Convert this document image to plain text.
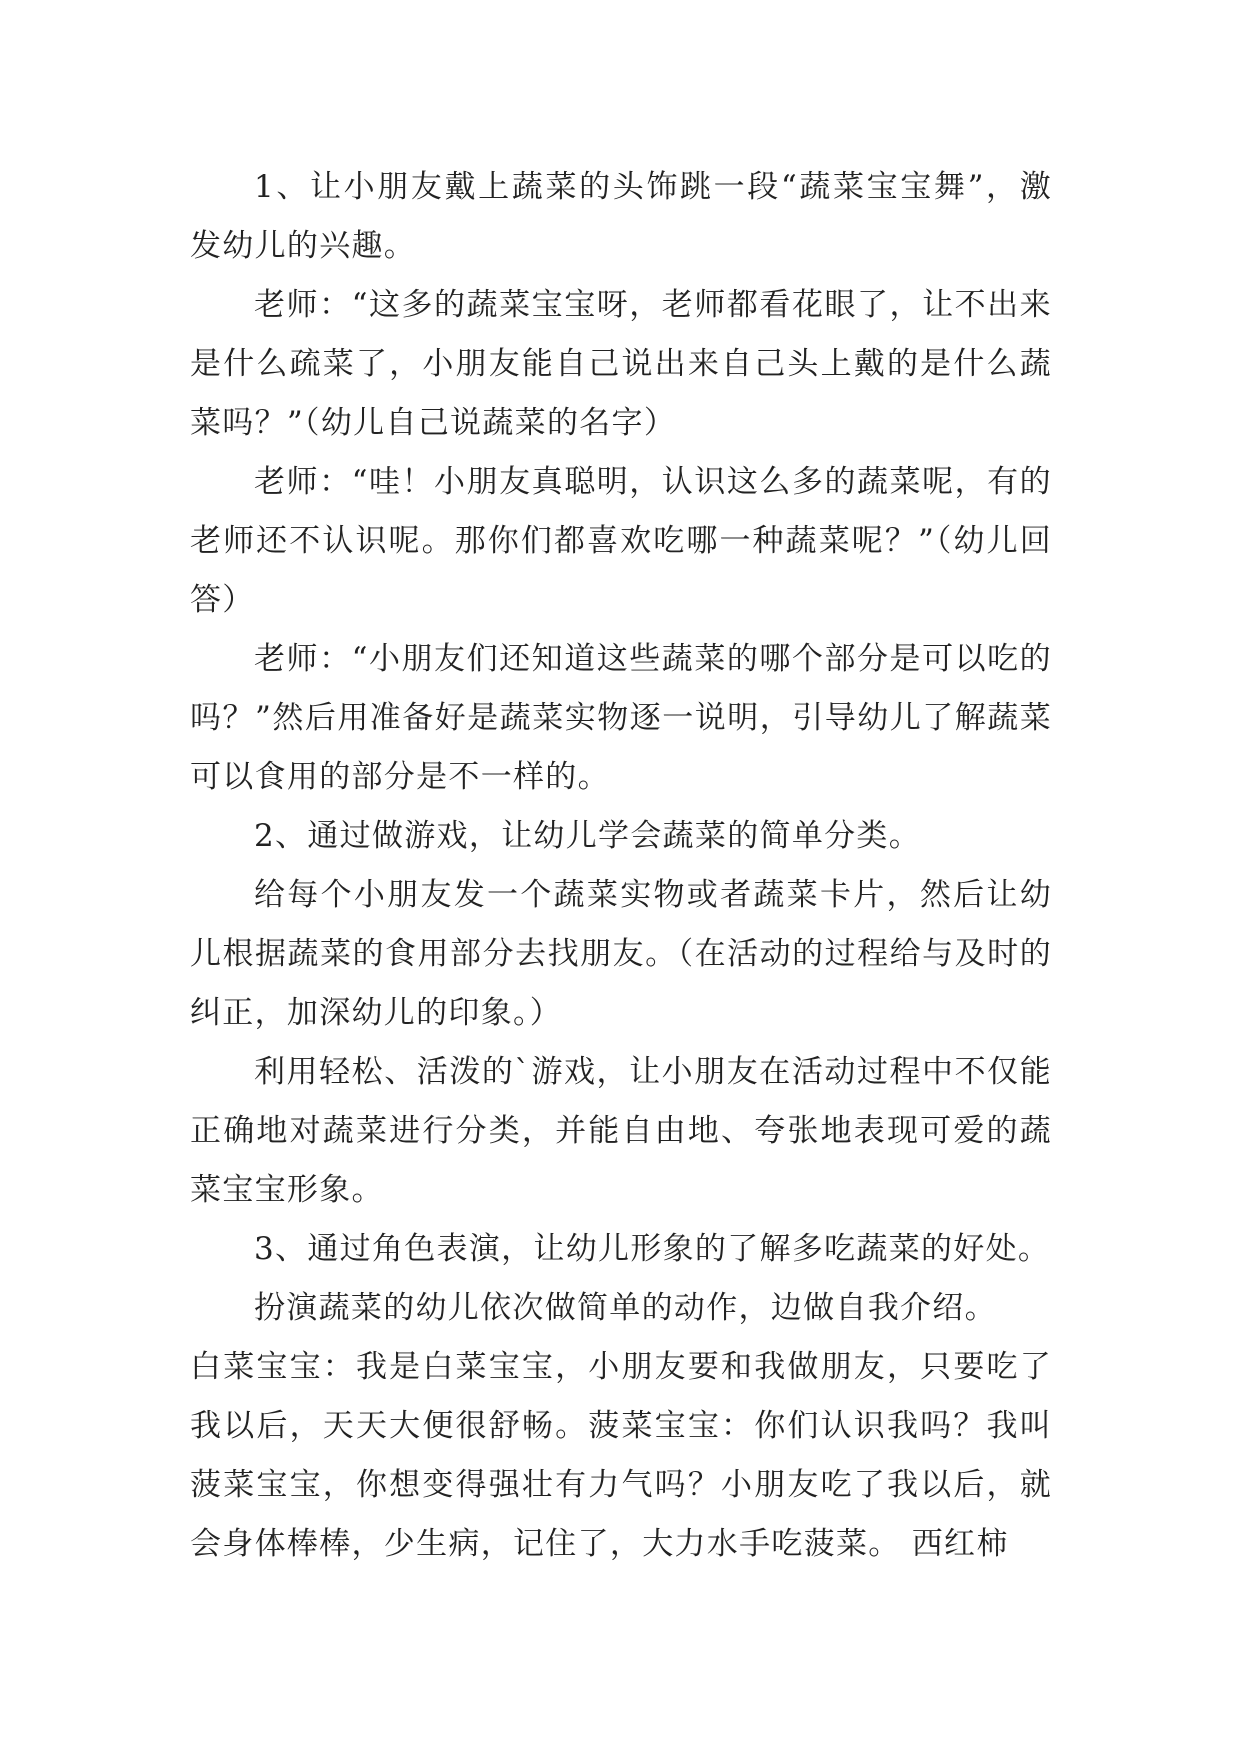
1、让小朋友戴上蔬菜的头饰跳一段“蔬菜宝宝舞”，激发幼儿的兴趣。

老师：“这多的蔬菜宝宝呀，老师都看花眼了，让不出来是什么疏菜了，小朋友能自己说出来自己头上戴的是什么蔬菜吗？”（幼儿自己说蔬菜的名字）

老师：“哇！小朋友真聪明，认识这么多的蔬菜呢，有的老师还不认识呢。那你们都喜欢吃哪一种蔬菜呢？”（幼儿回答）

老师：“小朋友们还知道这些蔬菜的哪个部分是可以吃的吗？”然后用准备好是蔬菜实物逐一说明，引导幼儿了解蔬菜可以食用的部分是不一样的。

2、通过做游戏，让幼儿学会蔬菜的简单分类。

给每个小朋友发一个蔬菜实物或者蔬菜卡片，然后让幼儿根据蔬菜的食用部分去找朋友。（在活动的过程给与及时的纠正，加深幼儿的印象。）

利用轻松、活泼的`游戏，让小朋友在活动过程中不仅能正确地对蔬菜进行分类，并能自由地、夸张地表现可爱的蔬菜宝宝形象。

3、通过角色表演，让幼儿形象的了解多吃蔬菜的好处。

扮演蔬菜的幼儿依次做简单的动作，边做自我介绍。

白菜宝宝：我是白菜宝宝，小朋友要和我做朋友，只要吃了我以后，天天大便很舒畅。菠菜宝宝：你们认识我吗？我叫菠菜宝宝，你想变得强壮有力气吗？小朋友吃了我以后，就会身体棒棒，少生病，记住了，大力水手吃菠菜。 西红柿
